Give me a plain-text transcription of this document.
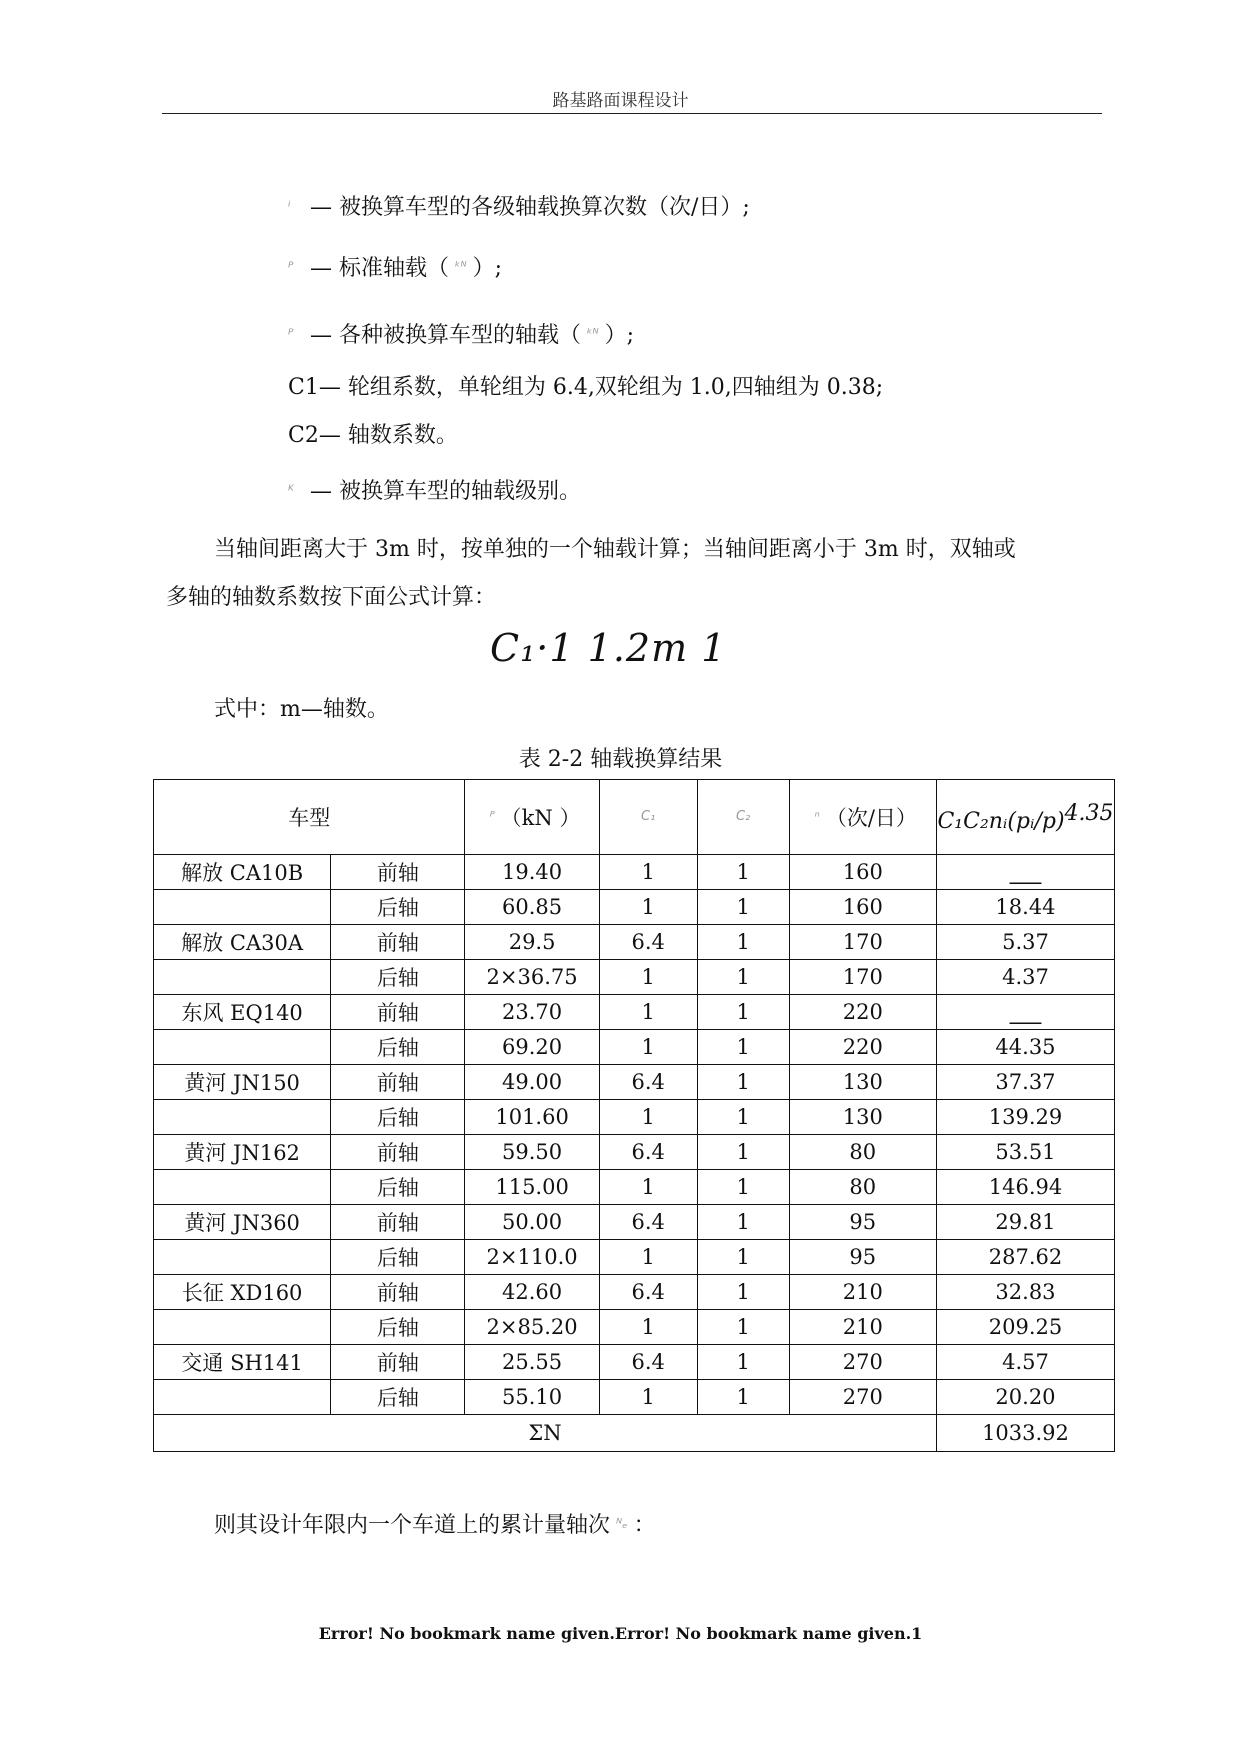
路基路面课程设计
ⁱ — 被换算车型的各级轴载换算次数（次/日）;
ᴾ — 标准轴载（ ᵏᴺ ）;
ᴾ — 各种被换算车型的轴载（ ᵏᴺ ）;
C1— 轮组系数，单轮组为 6.4,双轮组为 1.0,四轴组为 0.38;
C2— 轴数系数。
ᴷ — 被换算车型的轴载级别。
当轴间距离大于 3m 时，按单独的一个轴载计算；当轴间距离小于 3m 时，双轴或
多轴的轴数系数按下面公式计算：
C₁·1 1.2m 1
式中：m—轴数。
表 2-2 轴载换算结果
车型		ᴾ （kN ）	C₁	C₂	ⁿ （次/日）	C₁C₂nᵢ(pᵢ/p)$^{4.35}$
解放 CA10B	前轴	19.40	1	1	160	___
	后轴	60.85	1	1	160	18.44
解放 CA30A	前轴	29.5	6.4	1	170	5.37
	后轴	2×36.75	1	1	170	4.37
东风 EQ140	前轴	23.70	1	1	220	___
	后轴	69.20	1	1	220	44.35
黄河 JN150	前轴	49.00	6.4	1	130	37.37
	后轴	101.60	1	1	130	139.29
黄河 JN162	前轴	59.50	6.4	1	80	53.51
	后轴	115.00	1	1	80	146.94
黄河 JN360	前轴	50.00	6.4	1	95	29.81
	后轴	2×110.0	1	1	95	287.62
长征 XD160	前轴	42.60	6.4	1	210	32.83
	后轴	2×85.20	1	1	210	209.25
交通 SH141	前轴	25.55	6.4	1	270	4.57
	后轴	55.10	1	1	270	20.20
ΣN						1033.92
则其设计年限内一个车道上的累计量轴次 ᴺₑ ：
Error! No bookmark name given.Error! No bookmark name given.1
